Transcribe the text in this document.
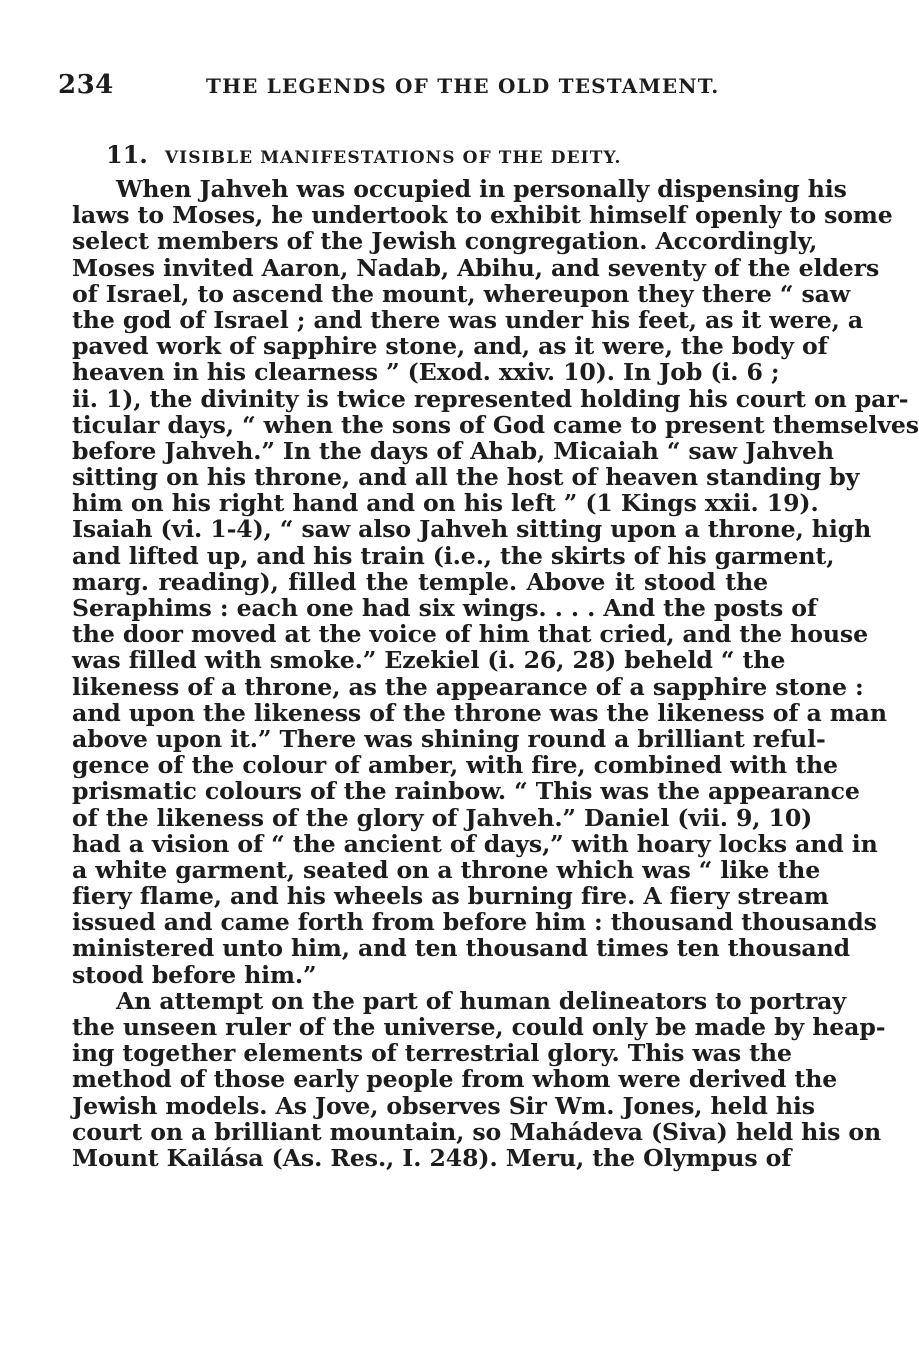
234	THE LEGENDS OF THE OLD TESTAMENT.
11. VISIBLE MANIFESTATIONS OF THE DEITY.
When Jahveh was occupied in personally dispensing his
laws to Moses, he undertook to exhibit himself openly to some
select members of the Jewish congregation. Accordingly,
Moses invited Aaron, Nadab, Abihu, and seventy of the elders
of Israel, to ascend the mount, whereupon they there “ saw
the god of Israel ; and there was under his feet, as it were, a
paved work of sapphire stone, and, as it were, the body of
heaven in his clearness ” (Exod. xxiv. 10). In Job (i. 6 ;
ii. 1), the divinity is twice represented holding his court on par-
ticular days, “ when the sons of God came to present themselves
before Jahveh.” In the days of Ahab, Micaiah “ saw Jahveh
sitting on his throne, and all the host of heaven standing by
him on his right hand and on his left ” (1 Kings xxii. 19).
Isaiah (vi. 1-4), “ saw also Jahveh sitting upon a throne, high
and lifted up, and his train (i.e., the skirts of his garment,
marg. reading), filled the temple. Above it stood the
Seraphims : each one had six wings. . . . And the posts of
the door moved at the voice of him that cried, and the house
was filled with smoke.” Ezekiel (i. 26, 28) beheld “ the
likeness of a throne, as the appearance of a sapphire stone :
and upon the likeness of the throne was the likeness of a man
above upon it.” There was shining round a brilliant reful-
gence of the colour of amber, with fire, combined with the
prismatic colours of the rainbow. “ This was the appearance
of the likeness of the glory of Jahveh.” Daniel (vii. 9, 10)
had a vision of “ the ancient of days,” with hoary locks and in
a white garment, seated on a throne which was “ like the
fiery flame, and his wheels as burning fire. A fiery stream
issued and came forth from before him : thousand thousands
ministered unto him, and ten thousand times ten thousand
stood before him.”
An attempt on the part of human delineators to portray
the unseen ruler of the universe, could only be made by heap-
ing together elements of terrestrial glory. This was the
method of those early people from whom were derived the
Jewish models. As Jove, observes Sir Wm. Jones, held his
court on a brilliant mountain, so Mahádeva (Siva) held his on
Mount Kailása (As. Res., I. 248). Meru, the Olympus of
